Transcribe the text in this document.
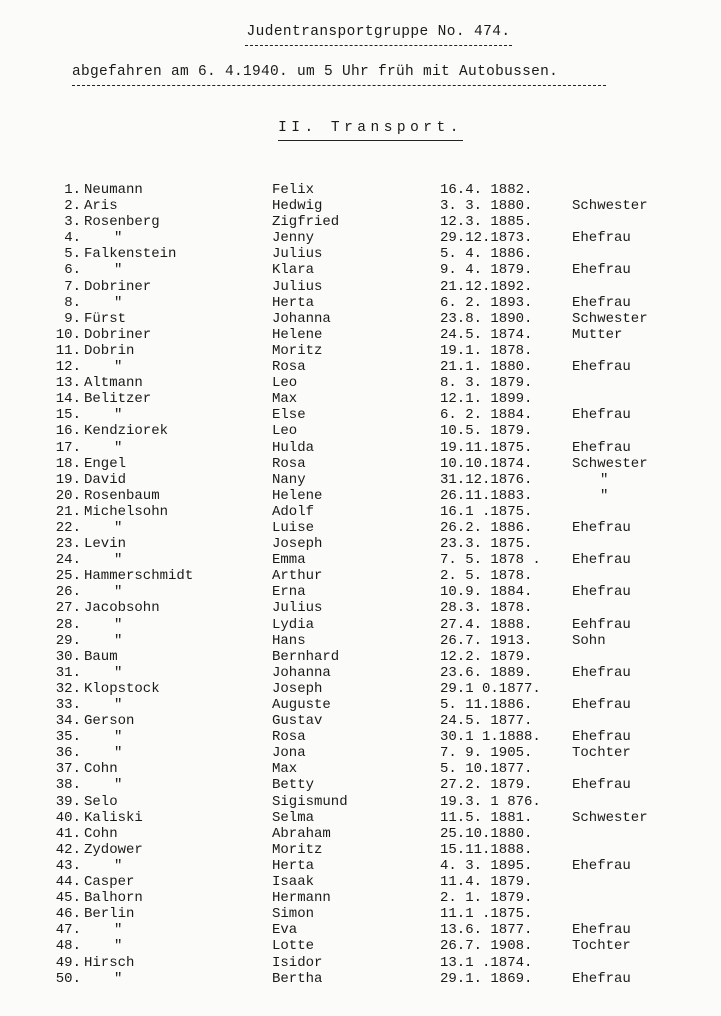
Judentransportgruppe No. 474.
abgefahren am 6. 4.1940. um 5 Uhr früh mit Autobussen.
II. Transport.
1. Neumann	Felix	16.4. 1882.
2. Aris	Hedwig	3. 3. 1880.	Schwester
3. Rosenberg	Zigfried	12.3. 1885.
4. "	Jenny	29.12.1873.	Ehefrau
5. Falkenstein	Julius	5. 4. 1886.
6. "	Klara	9. 4. 1879.	Ehefrau
7. Dobriner	Julius	21.12.1892.
8. "	Herta	6. 2. 1893.	Ehefrau
9. Fürst	Johanna	23.8. 1890.	Schwester
10. Dobriner	Helene	24.5. 1874.	Mutter
11. Dobrin	Moritz	19.1. 1878.
12. "	Rosa	21.1. 1880.	Ehefrau
13. Altmann	Leo	8. 3. 1879.
14. Belitzer	Max	12.1. 1899.
15. "	Else	6. 2. 1884.	Ehefrau
16. Kendziorek	Leo	10.5. 1879.
17. "	Hulda	19.11.1875.	Ehefrau
18. Engel	Rosa	10.10.1874.	Schwester
19. David	Nany	31.12.1876.	"
20. Rosenbaum	Helene	26.11.1883.	"
21. Michelsohn	Adolf	16.1 .1875.
22. "	Luise	26.2. 1886.	Ehefrau
23. Levin	Joseph	23.3. 1875.
24. "	Emma	7. 5. 1878 . Ehefrau
25. Hammerschmidt	Arthur	2. 5. 1878.
26. "	Erna	10.9. 1884.	Ehefrau
27. Jacobsohn	Julius	28.3. 1878.
28. "	Lydia	27.4. 1888.	Eehfrau
29. "	Hans	26.7. 1913.	Sohn
30. Baum	Bernhard	12.2. 1879.
31. "	Johanna	23.6. 1889.	Ehefrau
32. Klopstock	Joseph	29.1 0.1877.
33. "	Auguste	5. 11.1886.	Ehefrau
34. Gerson	Gustav	24.5. 1877.
35. "	Rosa	30.1 1.1888. Ehefrau
36. "	Jona	7. 9. 1905.	Tochter
37. Cohn	Max	5. 10.1877.
38. "	Betty	27.2. 1879.	Ehefrau
39. Selo	Sigismund	19.3. 1 876.
40. Kaliski	Selma	11.5. 1881.	Schwester
41. Cohn	Abraham	25.10.1880.
42. Zydower	Moritz	15.11.1888.
43. "	Herta	4. 3. 1895.	Ehefrau
44. Casper	Isaak	11.4. 1879.
45. Balhorn	Hermann	2. 1. 1879.
46. Berlin	Simon	11.1 .1875.
47. "	Eva	13.6. 1877.	Ehefrau
48. "	Lotte	26.7. 1908.	Tochter
49. Hirsch	Isidor	13.1 .1874.
50. "	Bertha	29.1. 1869.	Ehefrau
